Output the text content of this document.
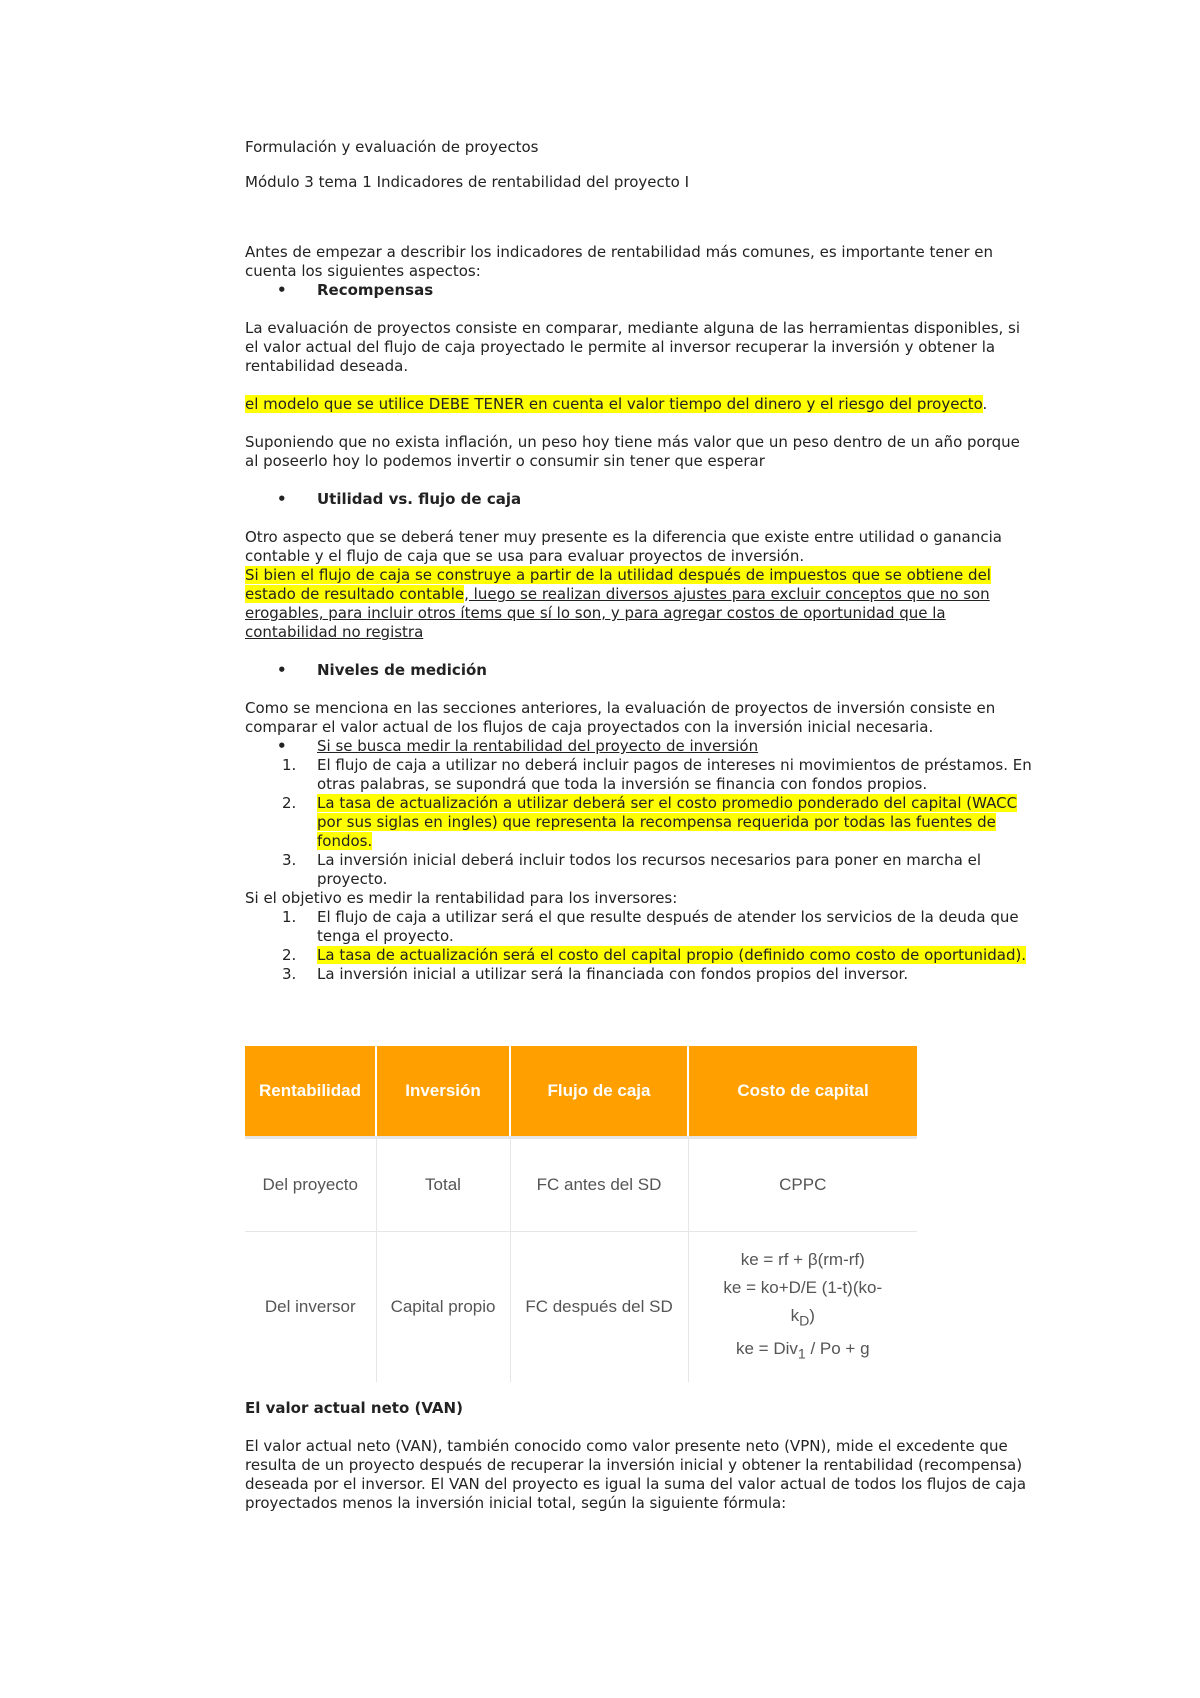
Formulación y evaluación de proyectos

Módulo 3 tema 1 Indicadores de rentabilidad del proyecto I

Antes de empezar a describir los indicadores de rentabilidad más comunes, es importante tener en cuenta los siguientes aspectos:

• Recompensas

La evaluación de proyectos consiste en comparar, mediante alguna de las herramientas disponibles, si el valor actual del flujo de caja proyectado le permite al inversor recuperar la inversión y obtener la rentabilidad deseada.

el modelo que se utilice DEBE TENER en cuenta el valor tiempo del dinero y el riesgo del proyecto.

Suponiendo que no exista inflación, un peso hoy tiene más valor que un peso dentro de un año porque al poseerlo hoy lo podemos invertir o consumir sin tener que esperar

• Utilidad vs. flujo de caja

Otro aspecto que se deberá tener muy presente es la diferencia que existe entre utilidad o ganancia contable y el flujo de caja que se usa para evaluar proyectos de inversión.

Si bien el flujo de caja se construye a partir de la utilidad después de impuestos que se obtiene del estado de resultado contable, luego se realizan diversos ajustes para excluir conceptos que no son erogables, para incluir otros ítems que sí lo son, y para agregar costos de oportunidad que la contabilidad no registra

• Niveles de medición

Como se menciona en las secciones anteriores, la evaluación de proyectos de inversión consiste en comparar el valor actual de los flujos de caja proyectados con la inversión inicial necesaria.

• Si se busca medir la rentabilidad del proyecto de inversión
1. El flujo de caja a utilizar no deberá incluir pagos de intereses ni movimientos de préstamos. En otras palabras, se supondrá que toda la inversión se financia con fondos propios.
2. La tasa de actualización a utilizar deberá ser el costo promedio ponderado del capital (WACC por sus siglas en ingles) que representa la recompensa requerida por todas las fuentes de fondos.
3. La inversión inicial deberá incluir todos los recursos necesarios para poner en marcha el proyecto.

Si el objetivo es medir la rentabilidad para los inversores:

1. El flujo de caja a utilizar será el que resulte después de atender los servicios de la deuda que tenga el proyecto.
2. La tasa de actualización será el costo del capital propio (definido como costo de oportunidad).
3. La inversión inicial a utilizar será la financiada con fondos propios del inversor.
Rentabilidad	Inversión	Flujo de caja	Costo de capital
Del proyecto	Total	FC antes del SD	CPPC
Del inversor	Capital propio	FC después del SD	ke = rf + β(rm-rf)
ke = ko+D/E (1-t)(ko-
$k_D$)
ke = Div$_1$ / Po + g

El valor actual neto (VAN)

El valor actual neto (VAN), también conocido como valor presente neto (VPN), mide el excedente que resulta de un proyecto después de recuperar la inversión inicial y obtener la rentabilidad (recompensa) deseada por el inversor. El VAN del proyecto es igual la suma del valor actual de todos los flujos de caja proyectados menos la inversión inicial total, según la siguiente fórmula:
